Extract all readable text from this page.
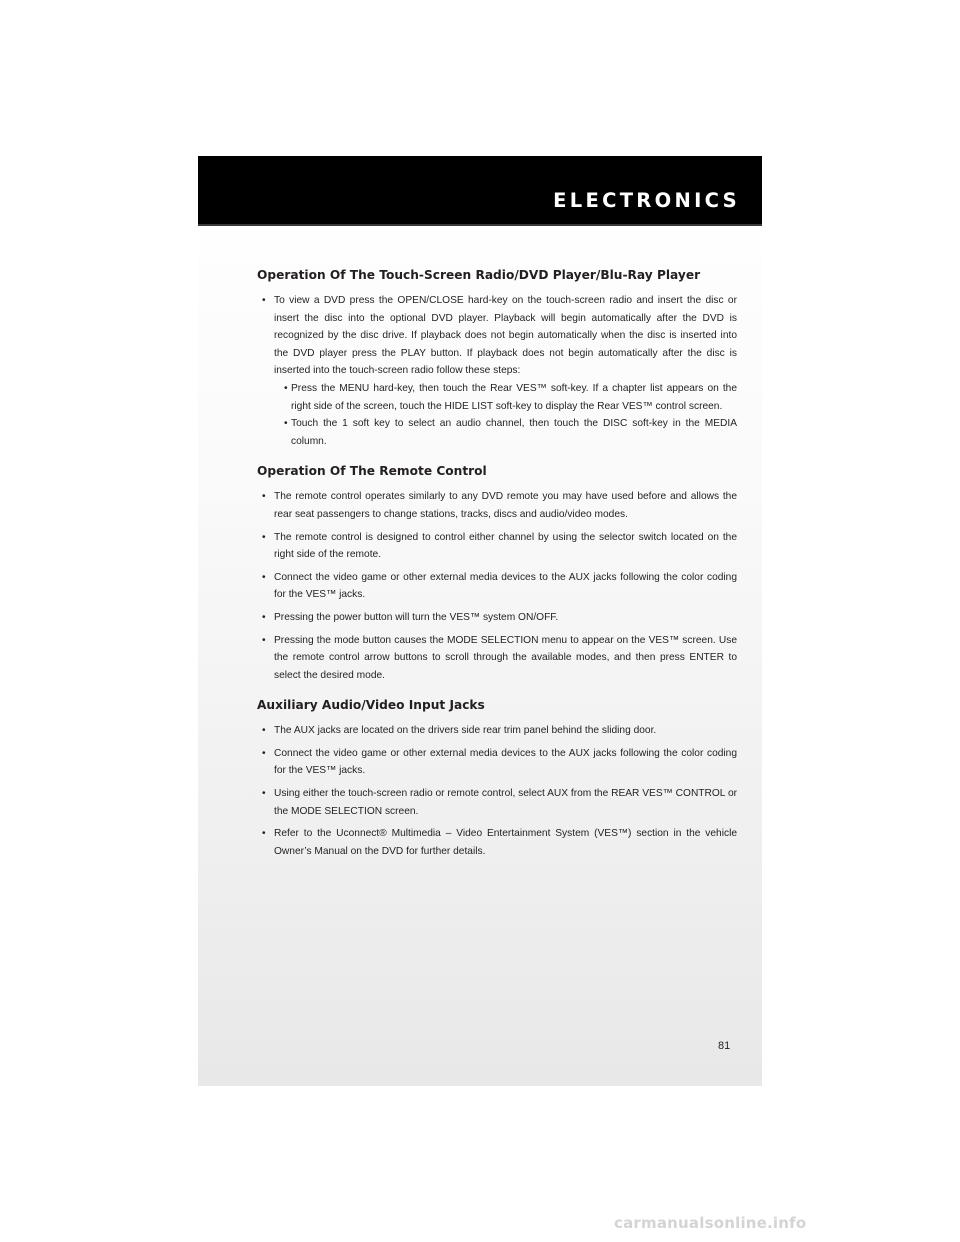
ELECTRONICS
Operation Of The Touch-Screen Radio/DVD Player/Blu-Ray Player
• To view a DVD press the OPEN/CLOSE hard-key on the touch-screen radio and insert the disc or insert the disc into the optional DVD player. Playback will begin automatically after the DVD is recognized by the disc drive. If playback does not begin automatically when the disc is inserted into the DVD player press the PLAY button. If playback does not begin automatically after the disc is inserted into the touch-screen radio follow these steps:
• Press the MENU hard-key, then touch the Rear VES™ soft-key. If a chapter list appears on the right side of the screen, touch the HIDE LIST soft-key to display the Rear VES™ control screen.
• Touch the 1 soft key to select an audio channel, then touch the DISC soft-key in the MEDIA column.
Operation Of The Remote Control
• The remote control operates similarly to any DVD remote you may have used before and allows the rear seat passengers to change stations, tracks, discs and audio/video modes.
• The remote control is designed to control either channel by using the selector switch located on the right side of the remote.
• Connect the video game or other external media devices to the AUX jacks following the color coding for the VES™ jacks.
• Pressing the power button will turn the VES™ system ON/OFF.
• Pressing the mode button causes the MODE SELECTION menu to appear on the VES™ screen. Use the remote control arrow buttons to scroll through the available modes, and then press ENTER to select the desired mode.
Auxiliary Audio/Video Input Jacks
• The AUX jacks are located on the drivers side rear trim panel behind the sliding door.
• Connect the video game or other external media devices to the AUX jacks following the color coding for the VES™ jacks.
• Using either the touch-screen radio or remote control, select AUX from the REAR VES™ CONTROL or the MODE SELECTION screen.
• Refer to the Uconnect® Multimedia – Video Entertainment System (VES™) section in the vehicle Owner’s Manual on the DVD for further details.
81
carmanualsonline.info
